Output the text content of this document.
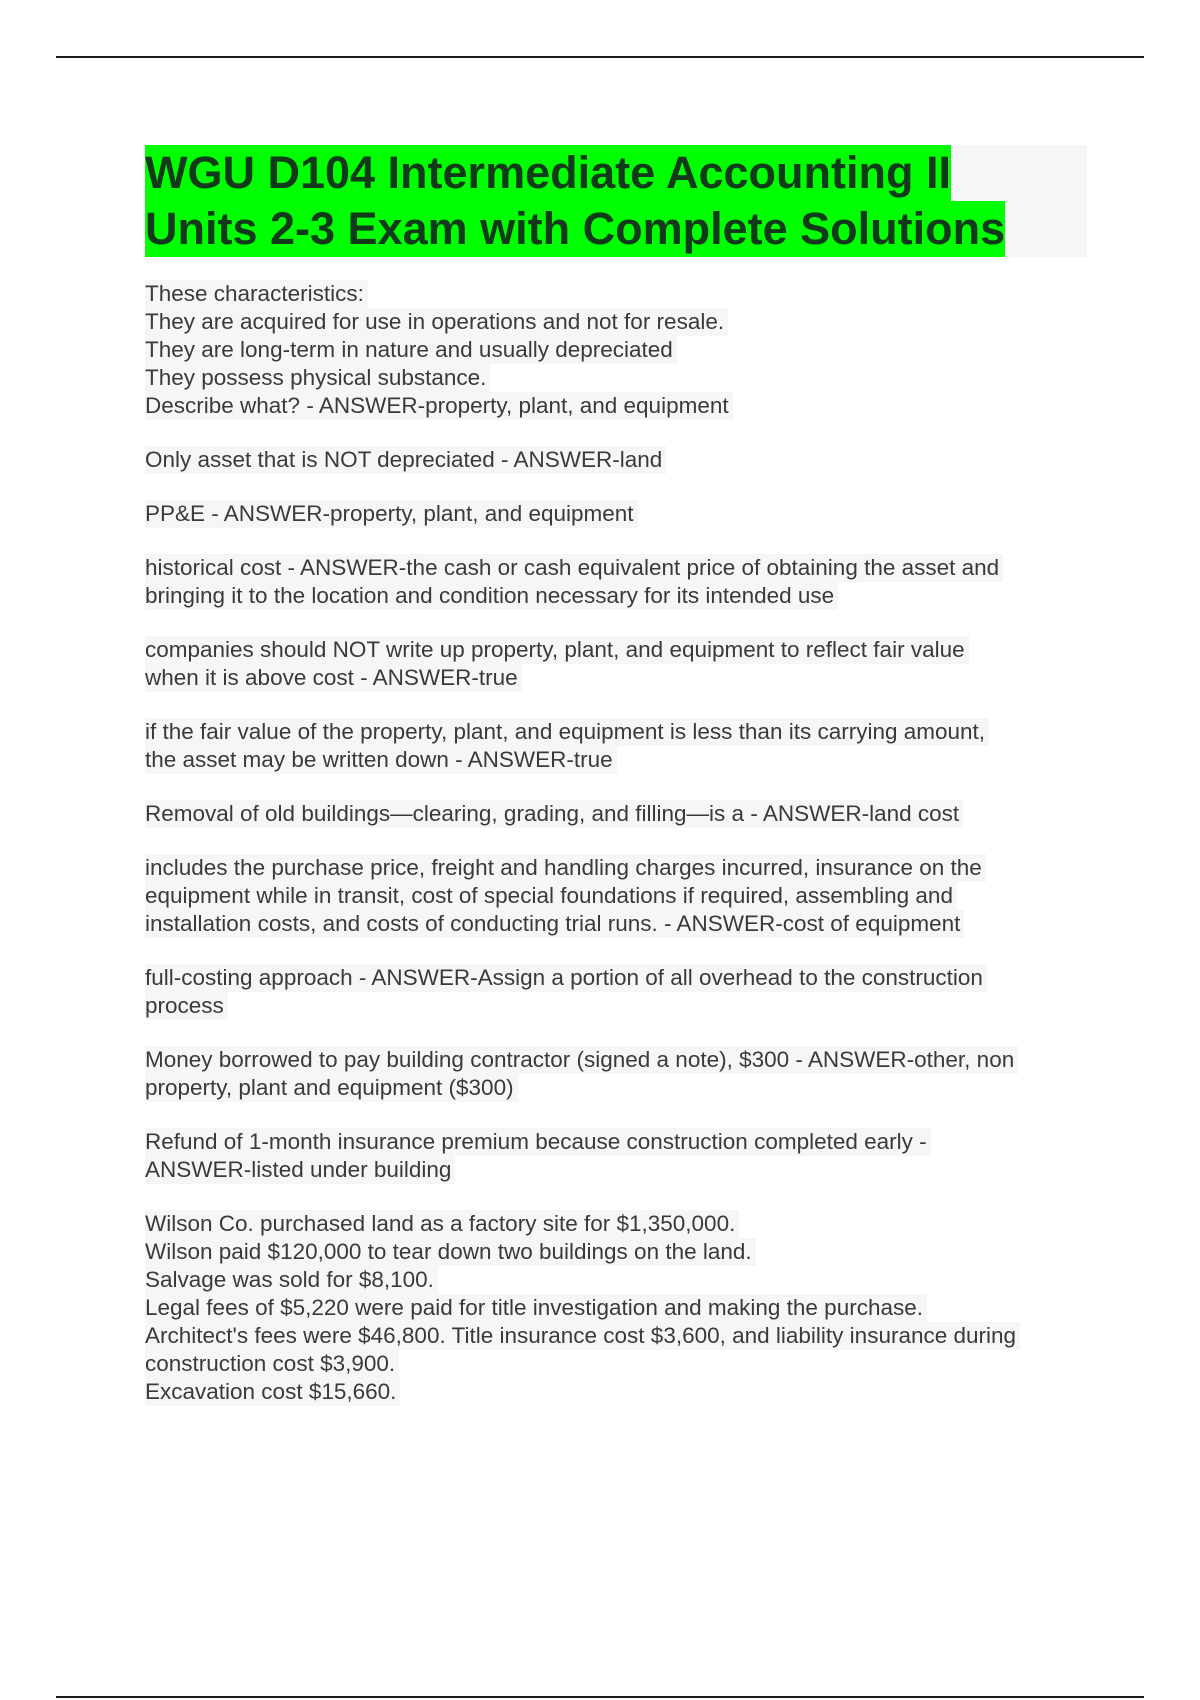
WGU D104 Intermediate Accounting II
Units 2-3 Exam with Complete Solutions
These characteristics:
They are acquired for use in operations and not for resale.
They are long-term in nature and usually depreciated
They possess physical substance.
Describe what? - ANSWER-property, plant, and equipment
Only asset that is NOT depreciated - ANSWER-land
PP&E - ANSWER-property, plant, and equipment
historical cost - ANSWER-the cash or cash equivalent price of obtaining the asset and
bringing it to the location and condition necessary for its intended use
companies should NOT write up property, plant, and equipment to reflect fair value
when it is above cost - ANSWER-true
if the fair value of the property, plant, and equipment is less than its carrying amount,
the asset may be written down - ANSWER-true
Removal of old buildings—clearing, grading, and filling—is a - ANSWER-land cost
includes the purchase price, freight and handling charges incurred, insurance on the
equipment while in transit, cost of special foundations if required, assembling and
installation costs, and costs of conducting trial runs. - ANSWER-cost of equipment
full-costing approach - ANSWER-Assign a portion of all overhead to the construction
process
Money borrowed to pay building contractor (signed a note), $300 - ANSWER-other, non
property, plant and equipment ($300)
Refund of 1-month insurance premium because construction completed early -
ANSWER-listed under building
Wilson Co. purchased land as a factory site for $1,350,000.
Wilson paid $120,000 to tear down two buildings on the land.
Salvage was sold for $8,100.
Legal fees of $5,220 were paid for title investigation and making the purchase.
Architect's fees were $46,800. Title insurance cost $3,600, and liability insurance during
construction cost $3,900.
Excavation cost $15,660.
